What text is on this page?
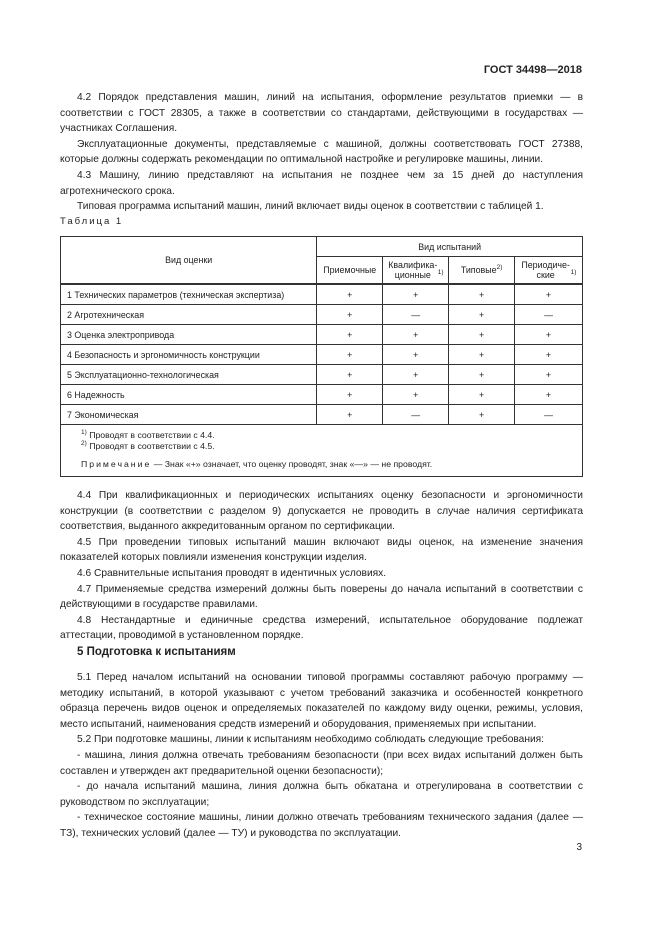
ГОСТ 34498—2018

4.2 Порядок представления машин, линий на испытания, оформление результатов приемки — в соответствии с ГОСТ 28305, а также в соответствии со стандартами, действующими в государствах — участниках Соглашения.

Эксплуатационные документы, представляемые с машиной, должны соответствовать ГОСТ 27388, которые должны содержать рекомендации по оптимальной настройке и регулировке машины, линии.

4.3 Машину, линию представляют на испытания не позднее чем за 15 дней до наступления агротехнического срока.

Типовая программа испытаний машин, линий включает виды оценок в соответствии с таблицей 1.

Таблица 1
Вид оценки	Вид испытаний			
	Приемочные	Квалифика-ционные $^{1)}$	Типовые$^{2)}$	Периодиче-ские $^{1)}$
1 Технических параметров (техническая экспертиза)	+	+	+	+
2 Агротехническая	+	—	+	—
3 Оценка электропривода	+	+	+	+
4 Безопасность и эргономичность конструкции	+	+	+	+
5 Эксплуатационно-технологическая	+	+	+	+
6 Надежность	+	+	+	+
7 Экономическая	+	—	+	—

$^{1)}$ Проводят в соответствии с 4.4.
$^{2)}$ Проводят в соответствии с 4.5.
Примечание — Знак «+» означает, что оценку проводят, знак «—» — не проводят.				

4.4 При квалификационных и периодических испытаниях оценку безопасности и эргономичности конструкции (в соответствии с разделом 9) допускается не проводить в случае наличия сертификата соответствия, выданного аккредитованным органом по сертификации.

4.5 При проведении типовых испытаний машин включают виды оценок, на изменение значения показателей которых повлияли изменения конструкции изделия.

4.6 Сравнительные испытания проводят в идентичных условиях.

4.7 Применяемые средства измерений должны быть поверены до начала испытаний в соответствии с действующими в государстве правилами.

4.8 Нестандартные и единичные средства измерений, испытательное оборудование подлежат аттестации, проводимой в установленном порядке.

5 Подготовка к испытаниям

5.1 Перед началом испытаний на основании типовой программы составляют рабочую программу — методику испытаний, в которой указывают с учетом требований заказчика и особенностей конкретного образца перечень видов оценок и определяемых показателей по каждому виду оценки, режимы, условия, место испытаний, наименования средств измерений и оборудования, применяемых при испытании.

5.2 При подготовке машины, линии к испытаниям необходимо соблюдать следующие требования:

- машина, линия должна отвечать требованиям безопасности (при всех видах испытаний должен быть составлен и утвержден акт предварительной оценки безопасности);

- до начала испытаний машина, линия должна быть обкатана и отрегулирована в соответствии с руководством по эксплуатации;

- техническое состояние машины, линии должно отвечать требованиям технического задания (далее — ТЗ), технических условий (далее — ТУ) и руководства по эксплуатации.

3
